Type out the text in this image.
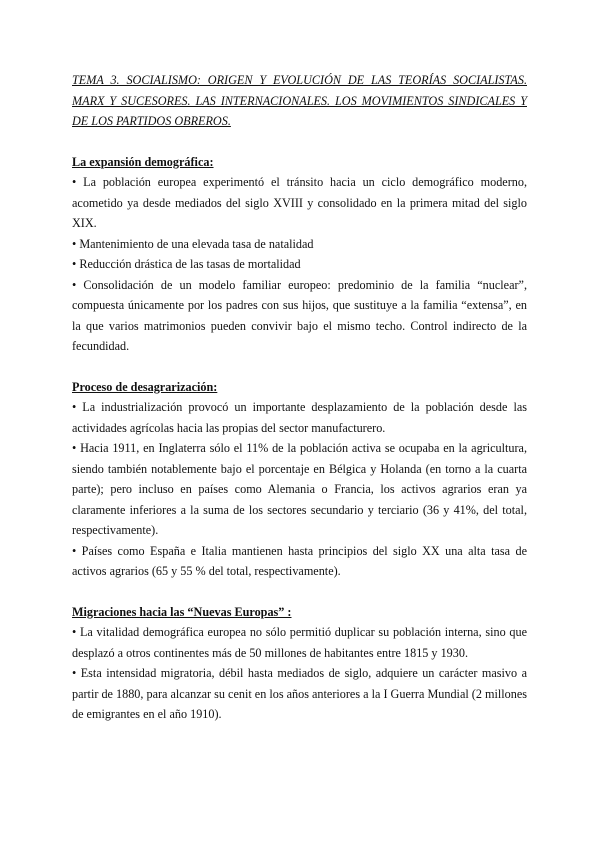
TEMA 3. SOCIALISMO: ORIGEN Y EVOLUCIÓN DE LAS TEORÍAS SOCIALISTAS. MARX Y SUCESORES. LAS INTERNACIONALES. LOS MOVIMIENTOS SINDICALES Y DE LOS PARTIDOS OBREROS.

La expansión demográfica:

• La población europea experimentó el tránsito hacia un ciclo demográfico moderno, acometido ya desde mediados del siglo XVIII y consolidado en la primera mitad del siglo XIX.

• Mantenimiento de una elevada tasa de natalidad

• Reducción drástica de las tasas de mortalidad

• Consolidación de un modelo familiar europeo: predominio de la familia “nuclear”, compuesta únicamente por los padres con sus hijos, que sustituye a la familia “extensa”, en la que varios matrimonios pueden convivir bajo el mismo techo. Control indirecto de la fecundidad.

Proceso de desagrarización:

• La industrialización provocó un importante desplazamiento de la población desde las actividades agrícolas hacia las propias del sector manufacturero.

• Hacia 1911, en Inglaterra sólo el 11% de la población activa se ocupaba en la agricultura, siendo también notablemente bajo el porcentaje en Bélgica y Holanda (en torno a la cuarta parte); pero incluso en países como Alemania o Francia, los activos agrarios eran ya claramente inferiores a la suma de los sectores secundario y terciario (36 y 41%, del total, respectivamente).

• Países como España e Italia mantienen hasta principios del siglo XX una alta tasa de activos agrarios (65 y 55 % del total, respectivamente).

Migraciones hacia las “Nuevas Europas” :

• La vitalidad demográfica europea no sólo permitió duplicar su población interna, sino que desplazó a otros continentes más de 50 millones de habitantes entre 1815 y 1930.

• Esta intensidad migratoria, débil hasta mediados de siglo, adquiere un carácter masivo a partir de 1880, para alcanzar su cenit en los años anteriores a la I Guerra Mundial (2 millones de emigrantes en el año 1910).
